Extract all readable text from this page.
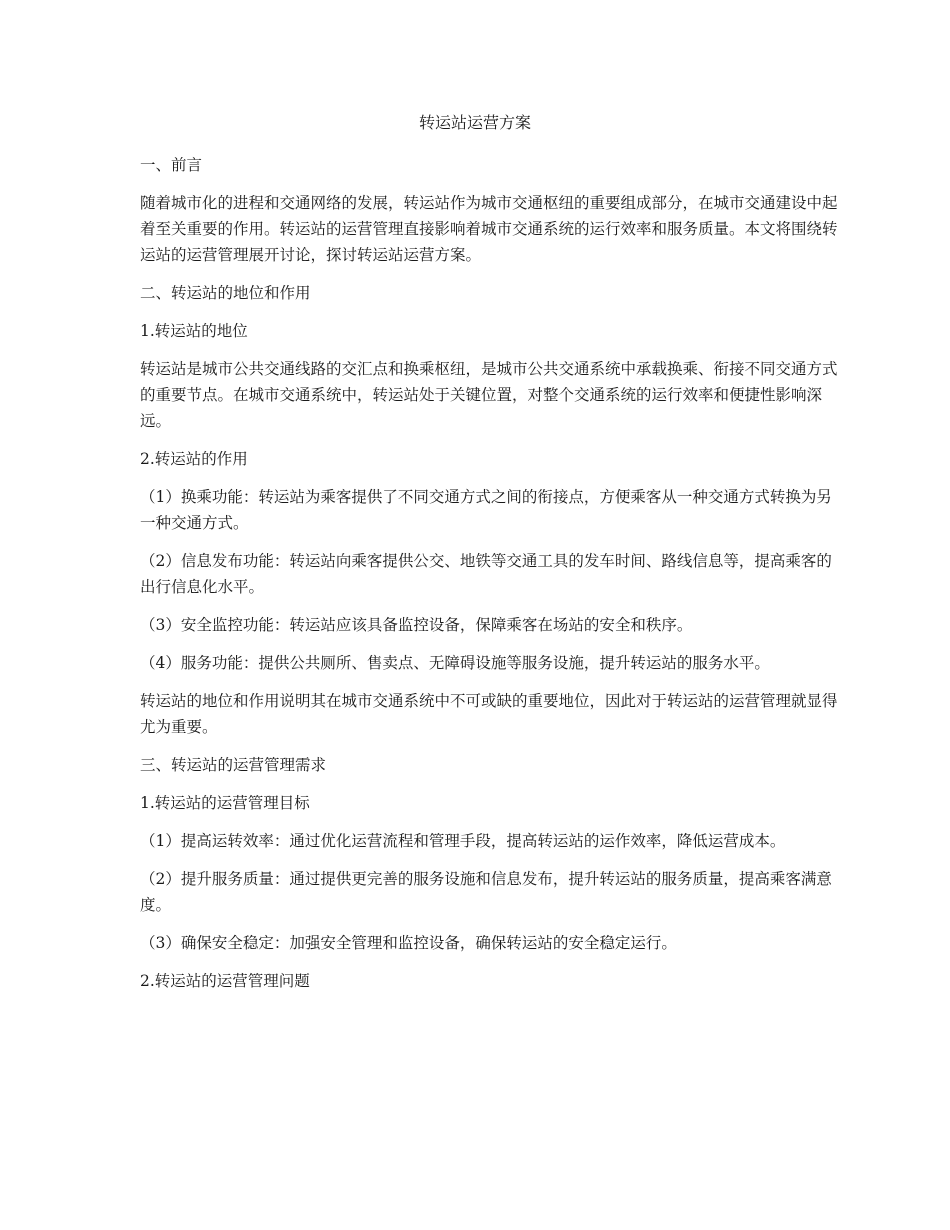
转运站运营方案

一、前言

随着城市化的进程和交通网络的发展，转运站作为城市交通枢纽的重要组成部分，在城市交通建设中起着至关重要的作用。转运站的运营管理直接影响着城市交通系统的运行效率和服务质量。本文将围绕转运站的运营管理展开讨论，探讨转运站运营方案。

二、转运站的地位和作用

1.转运站的地位

转运站是城市公共交通线路的交汇点和换乘枢纽，是城市公共交通系统中承载换乘、衔接不同交通方式的重要节点。在城市交通系统中，转运站处于关键位置，对整个交通系统的运行效率和便捷性影响深远。

2.转运站的作用

（1）换乘功能：转运站为乘客提供了不同交通方式之间的衔接点，方便乘客从一种交通方式转换为另一种交通方式。

（2）信息发布功能：转运站向乘客提供公交、地铁等交通工具的发车时间、路线信息等，提高乘客的出行信息化水平。

（3）安全监控功能：转运站应该具备监控设备，保障乘客在场站的安全和秩序。

（4）服务功能：提供公共厕所、售卖点、无障碍设施等服务设施，提升转运站的服务水平。

转运站的地位和作用说明其在城市交通系统中不可或缺的重要地位，因此对于转运站的运营管理就显得尤为重要。

三、转运站的运营管理需求

1.转运站的运营管理目标

（1）提高运转效率：通过优化运营流程和管理手段，提高转运站的运作效率，降低运营成本。

（2）提升服务质量：通过提供更完善的服务设施和信息发布，提升转运站的服务质量，提高乘客满意度。

（3）确保安全稳定：加强安全管理和监控设备，确保转运站的安全稳定运行。

2.转运站的运营管理问题
